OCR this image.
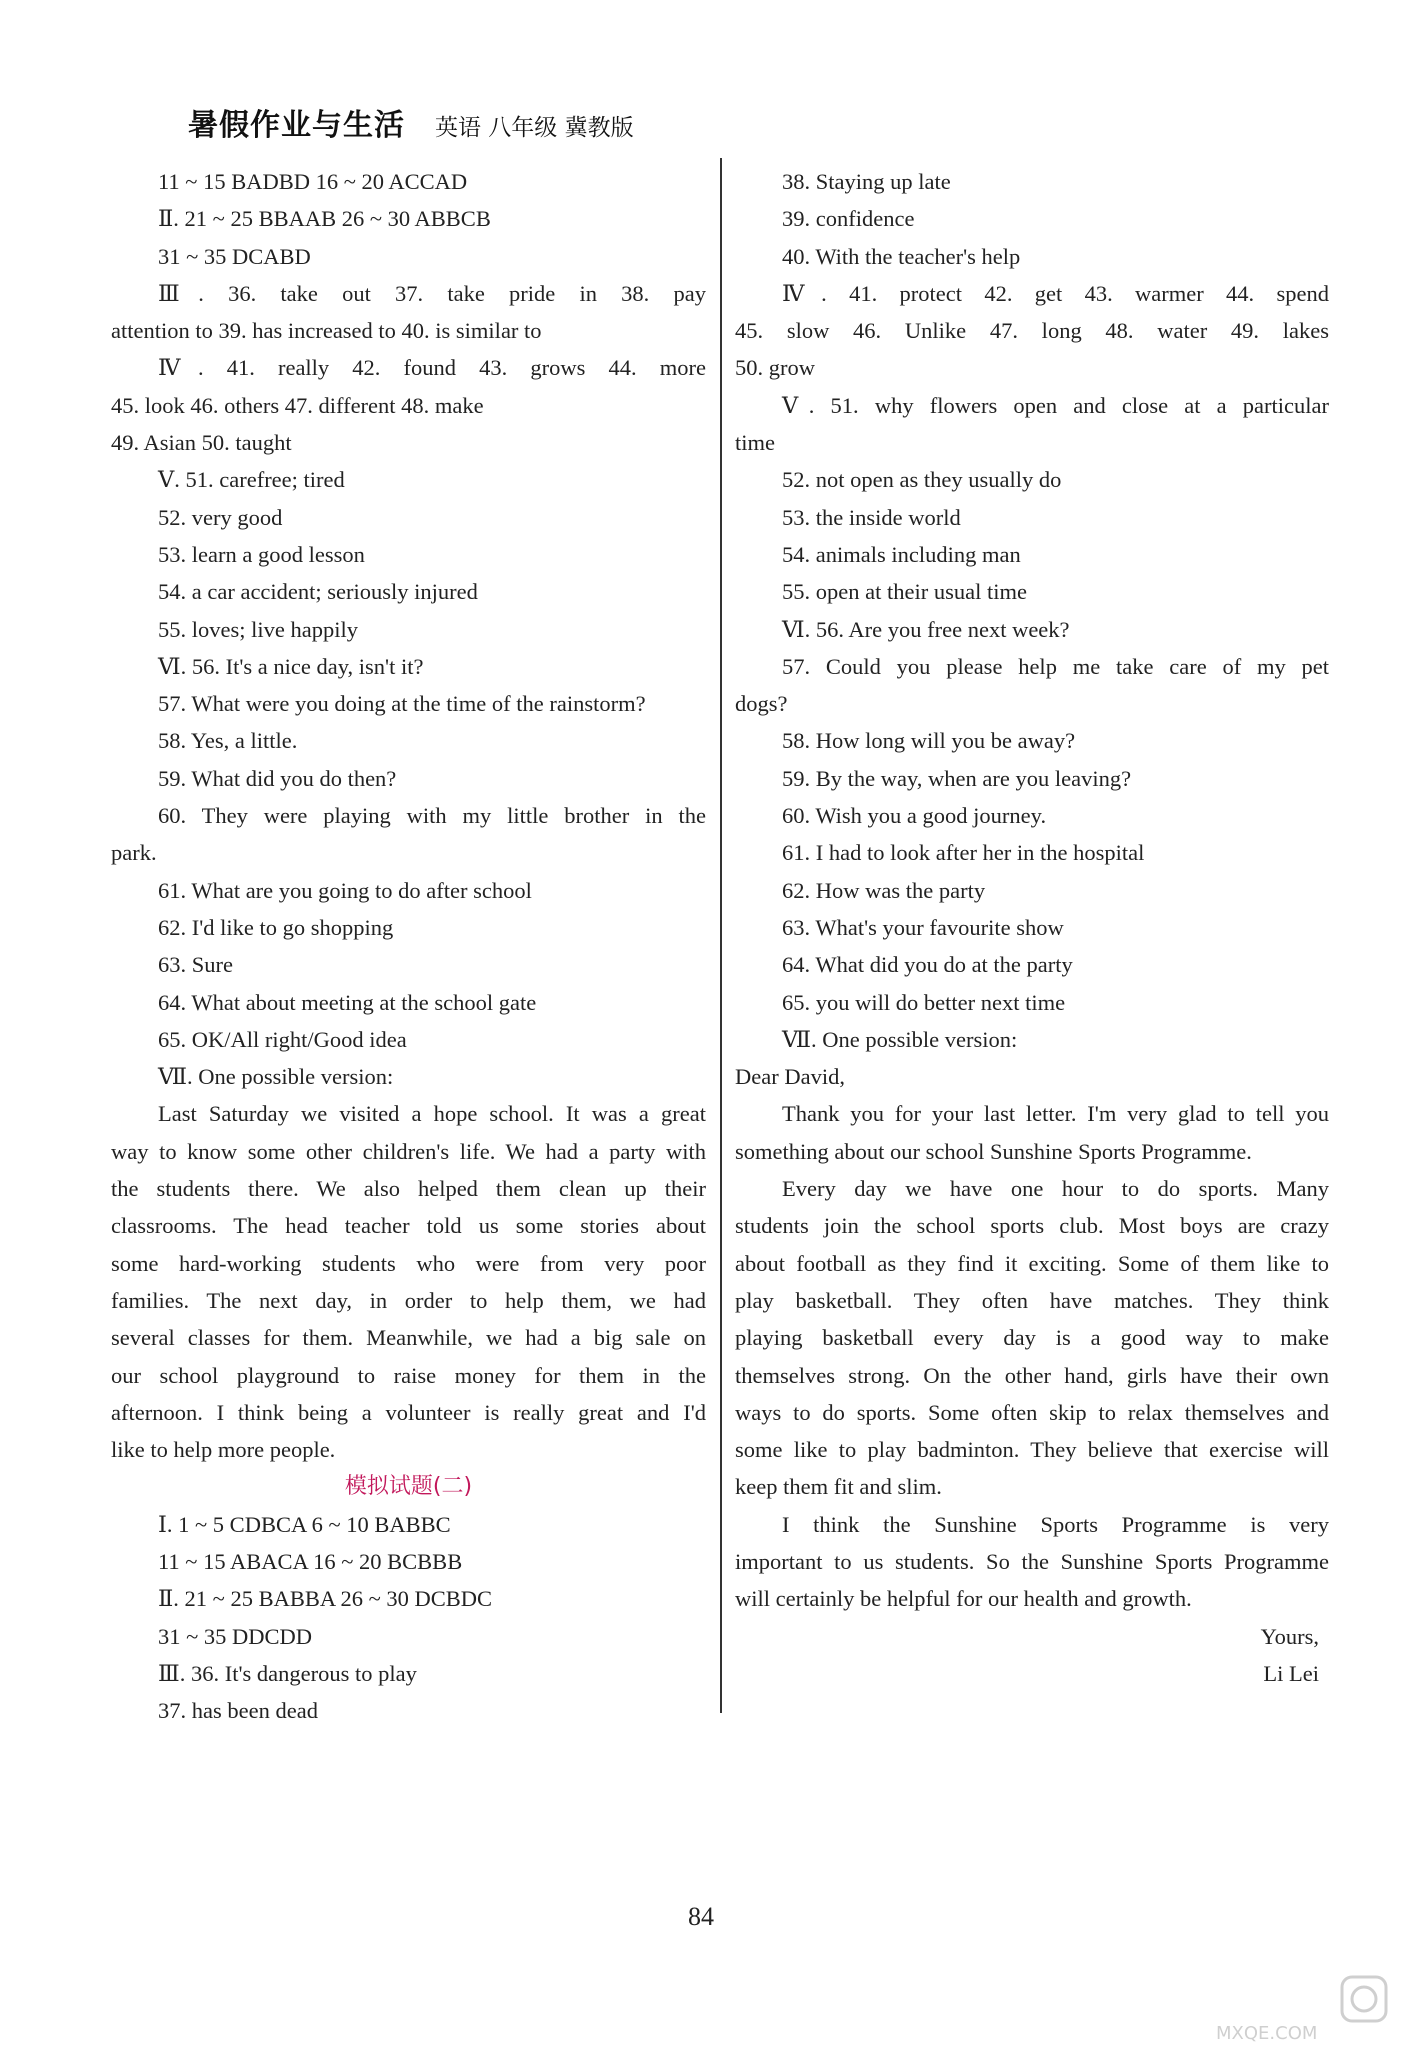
暑假作业与生活 英语 八年级 冀教版
11 ~ 15 BADBD 16 ~ 20 ACCAD
Ⅱ. 21 ~ 25 BBAAB 26 ~ 30 ABBCB
31 ~ 35 DCABD
Ⅲ. 36. take out 37. take pride in 38. pay
attention to 39. has increased to 40. is similar to
Ⅳ. 41. really 42. found 43. grows 44. more
45. look 46. others 47. different 48. make
49. Asian 50. taught
Ⅴ. 51. carefree; tired
52. very good
53. learn a good lesson
54. a car accident; seriously injured
55. loves; live happily
Ⅵ. 56. It's a nice day, isn't it?
57. What were you doing at the time of the rainstorm?
58. Yes, a little.
59. What did you do then?
60. They were playing with my little brother in the
park.
61. What are you going to do after school
62. I'd like to go shopping
63. Sure
64. What about meeting at the school gate
65. OK/All right/Good idea
Ⅶ. One possible version:
Last Saturday we visited a hope school. It was a great
way to know some other children's life. We had a party with
the students there. We also helped them clean up their
classrooms. The head teacher told us some stories about
some hard-working students who were from very poor
families. The next day, in order to help them, we had
several classes for them. Meanwhile, we had a big sale on
our school playground to raise money for them in the
afternoon. I think being a volunteer is really great and I'd
like to help more people.
模拟试题(二)
Ⅰ. 1 ~ 5 CDBCA 6 ~ 10 BABBC
11 ~ 15 ABACA 16 ~ 20 BCBBB
Ⅱ. 21 ~ 25 BABBA 26 ~ 30 DCBDC
31 ~ 35 DDCDD
Ⅲ. 36. It's dangerous to play
37. has been dead
38. Staying up late
39. confidence
40. With the teacher's help
Ⅳ. 41. protect 42. get 43. warmer 44. spend
45. slow 46. Unlike 47. long 48. water 49. lakes
50. grow
Ⅴ. 51. why flowers open and close at a particular
time
52. not open as they usually do
53. the inside world
54. animals including man
55. open at their usual time
Ⅵ. 56. Are you free next week?
57. Could you please help me take care of my pet
dogs?
58. How long will you be away?
59. By the way, when are you leaving?
60. Wish you a good journey.
61. I had to look after her in the hospital
62. How was the party
63. What's your favourite show
64. What did you do at the party
65. you will do better next time
Ⅶ. One possible version:
Dear David,
Thank you for your last letter. I'm very glad to tell you
something about our school Sunshine Sports Programme.
Every day we have one hour to do sports. Many
students join the school sports club. Most boys are crazy
about football as they find it exciting. Some of them like to
play basketball. They often have matches. They think
playing basketball every day is a good way to make
themselves strong. On the other hand, girls have their own
ways to do sports. Some often skip to relax themselves and
some like to play badminton. They believe that exercise will
keep them fit and slim.
I think the Sunshine Sports Programme is very
important to us students. So the Sunshine Sports Programme
will certainly be helpful for our health and growth.
Yours,
Li Lei
84
MXQE.COM
